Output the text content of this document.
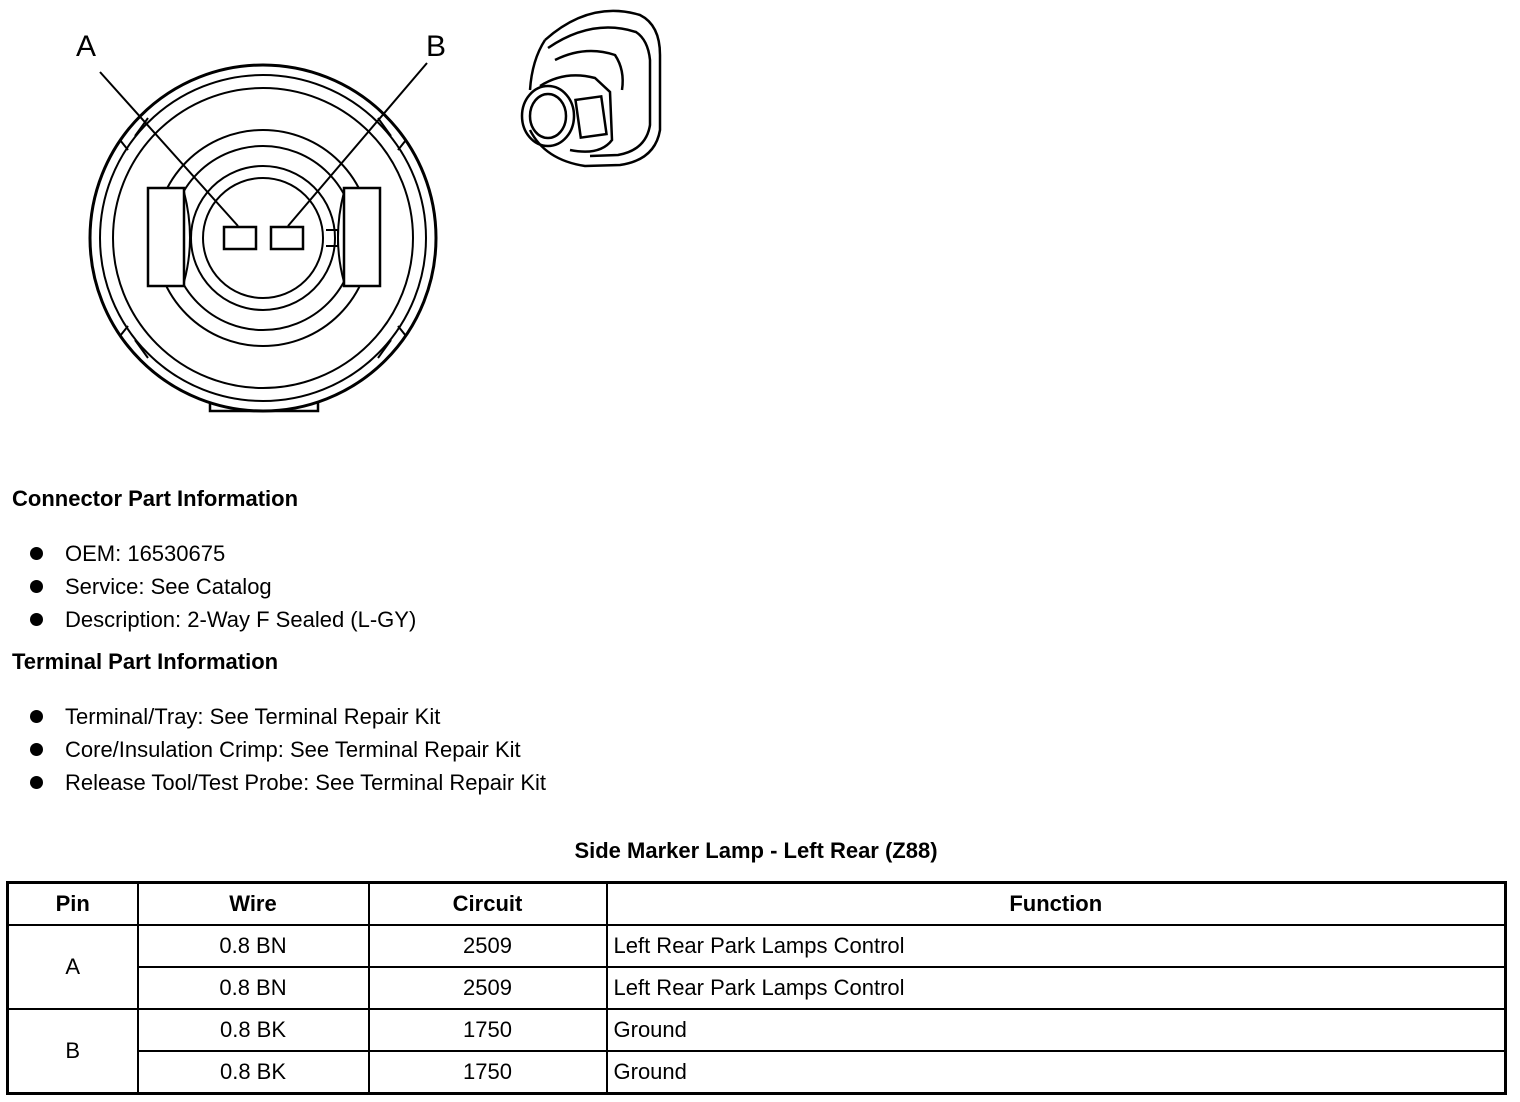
A	B
Connector Part Information
OEM: 16530675
Service: See Catalog
Description: 2-Way F Sealed (L-GY)
Terminal Part Information
Terminal/Tray: See Terminal Repair Kit
Core/Insulation Crimp: See Terminal Repair Kit
Release Tool/Test Probe: See Terminal Repair Kit
Side Marker Lamp - Left Rear (Z88)
Pin	Wire	Circuit	Function
A	0.8 BN	2509	Left Rear Park Lamps Control
	0.8 BN	2509	Left Rear Park Lamps Control
B	0.8 BK	1750	Ground
	0.8 BK	1750	Ground
